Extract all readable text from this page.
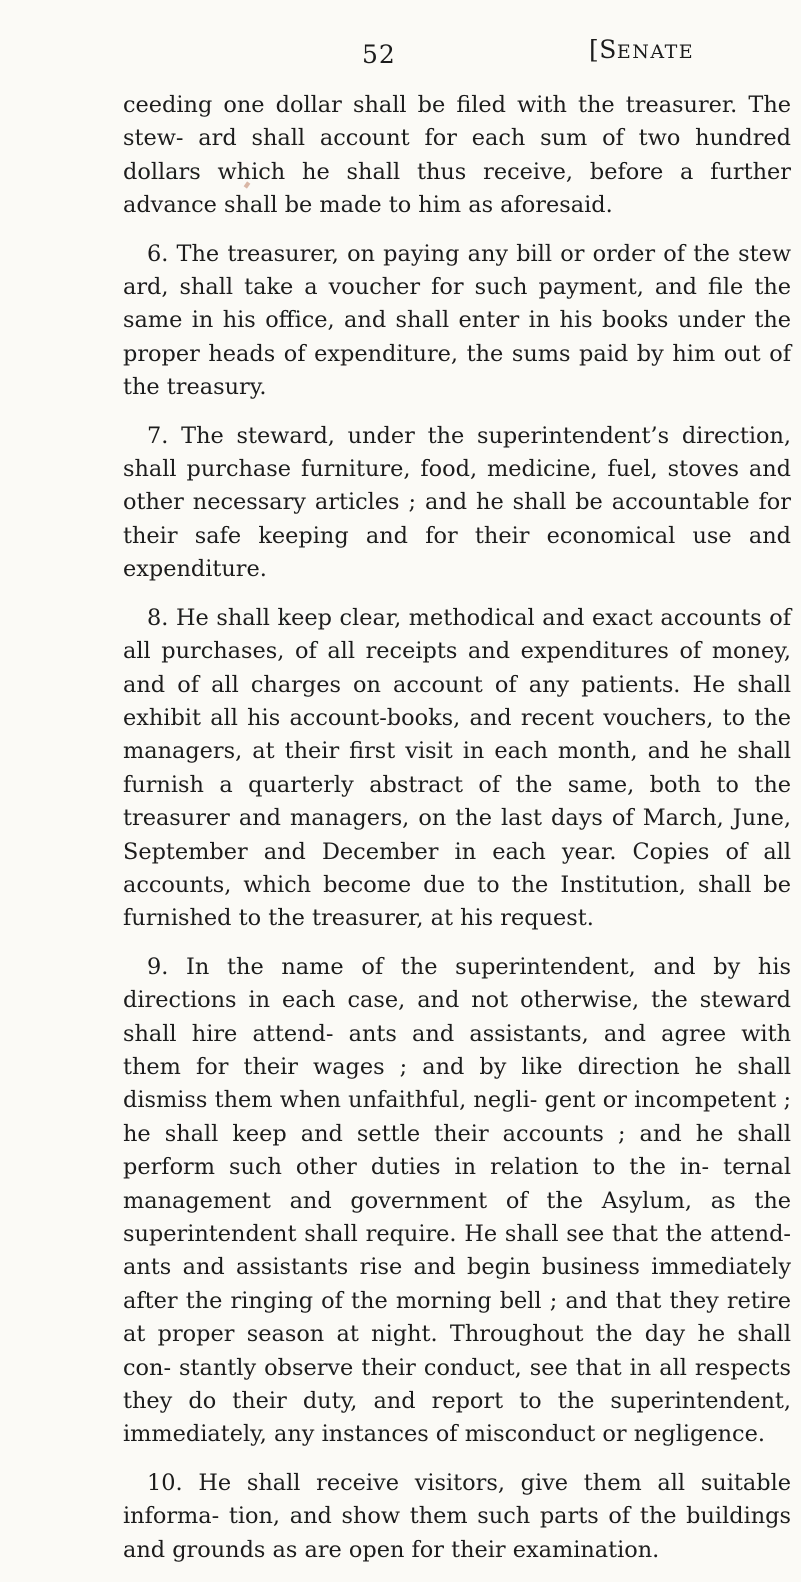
52	[SENATE

ceeding one dollar shall be filed with the treasurer. The stew- ard shall account for each sum of two hundred dollars which he shall thus receive, before a further advance shall be made to him as aforesaid.

6. The treasurer, on paying any bill or order of the stew ard, shall take a voucher for such payment, and file the same in his office, and shall enter in his books under the proper heads of expenditure, the sums paid by him out of the treasury.

7. The steward, under the superintendent’s direction, shall purchase furniture, food, medicine, fuel, stoves and other necessary articles ; and he shall be accountable for their safe keeping and for their economical use and expenditure.

8. He shall keep clear, methodical and exact accounts of all purchases, of all receipts and expenditures of money, and of all charges on account of any patients. He shall exhibit all his account-books, and recent vouchers, to the managers, at their first visit in each month, and he shall furnish a quarterly abstract of the same, both to the treasurer and managers, on the last days of March, June, September and December in each year. Copies of all accounts, which become due to the Institution, shall be furnished to the treasurer, at his request.

9. In the name of the superintendent, and by his directions in each case, and not otherwise, the steward shall hire attend- ants and assistants, and agree with them for their wages ; and by like direction he shall dismiss them when unfaithful, negli- gent or incompetent ; he shall keep and settle their accounts ; and he shall perform such other duties in relation to the in- ternal management and government of the Asylum, as the superintendent shall require. He shall see that the attend- ants and assistants rise and begin business immediately after the ringing of the morning bell ; and that they retire at proper season at night. Throughout the day he shall con- stantly observe their conduct, see that in all respects they do their duty, and report to the superintendent, immediately, any instances of misconduct or negligence.

10. He shall receive visitors, give them all suitable informa- tion, and show them such parts of the buildings and grounds as are open for their examination.
